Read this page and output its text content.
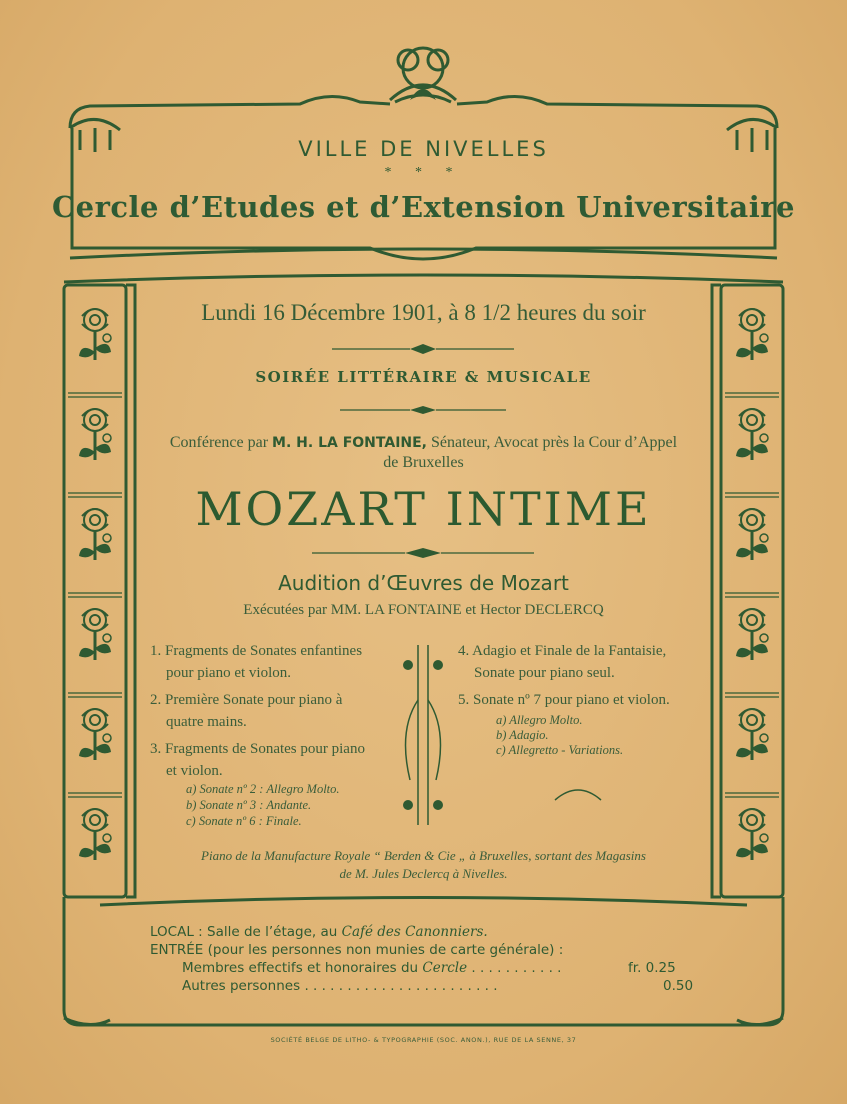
VILLE DE NIVELLES
* * *
Cercle d’Etudes et d’Extension Universitaire
Lundi 16 Décembre 1901, à 8 1/2 heures du soir
SOIRÉE LITTÉRAIRE & MUSICALE
Conférence par M. H. LA FONTAINE, Sénateur, Avocat près la Cour d’Appel
de Bruxelles
MOZART INTIME
Audition d’Œuvres de Mozart
Exécutées par MM. LA FONTAINE et Hector DECLERCQ
1. Fragments de Sonates enfantines
pour piano et violon.
2. Première Sonate pour piano à
quatre mains.
3. Fragments de Sonates pour piano
et violon.
a) Sonate nº 2 : Allegro Molto.
b) Sonate nº 3 : Andante.
c) Sonate nº 6 : Finale.
4. Adagio et Finale de la Fantaisie,
Sonate pour piano seul.
5. Sonate nº 7 pour piano et violon.
a) Allegro Molto.
b) Adagio.
c) Allegretto - Variations.
Piano de la Manufacture Royale “ Berden & Cie „ à Bruxelles, sortant des Magasins
de M. Jules Declercq à Nivelles.
LOCAL : Salle de l’étage, au Café des Canonniers.
ENTRÉE (pour les personnes non munies de carte générale) :
Membres effectifs et honoraires du Cercle . . . . . . . . . . .	fr. 0.25
Autres personnes . . . . . . . . . . . . . . . . . . . . . . .	0.50
SOCIÉTÉ BELGE DE LITHO- & TYPOGRAPHIE (SOC. ANON.), RUE DE LA SENNE, 37
